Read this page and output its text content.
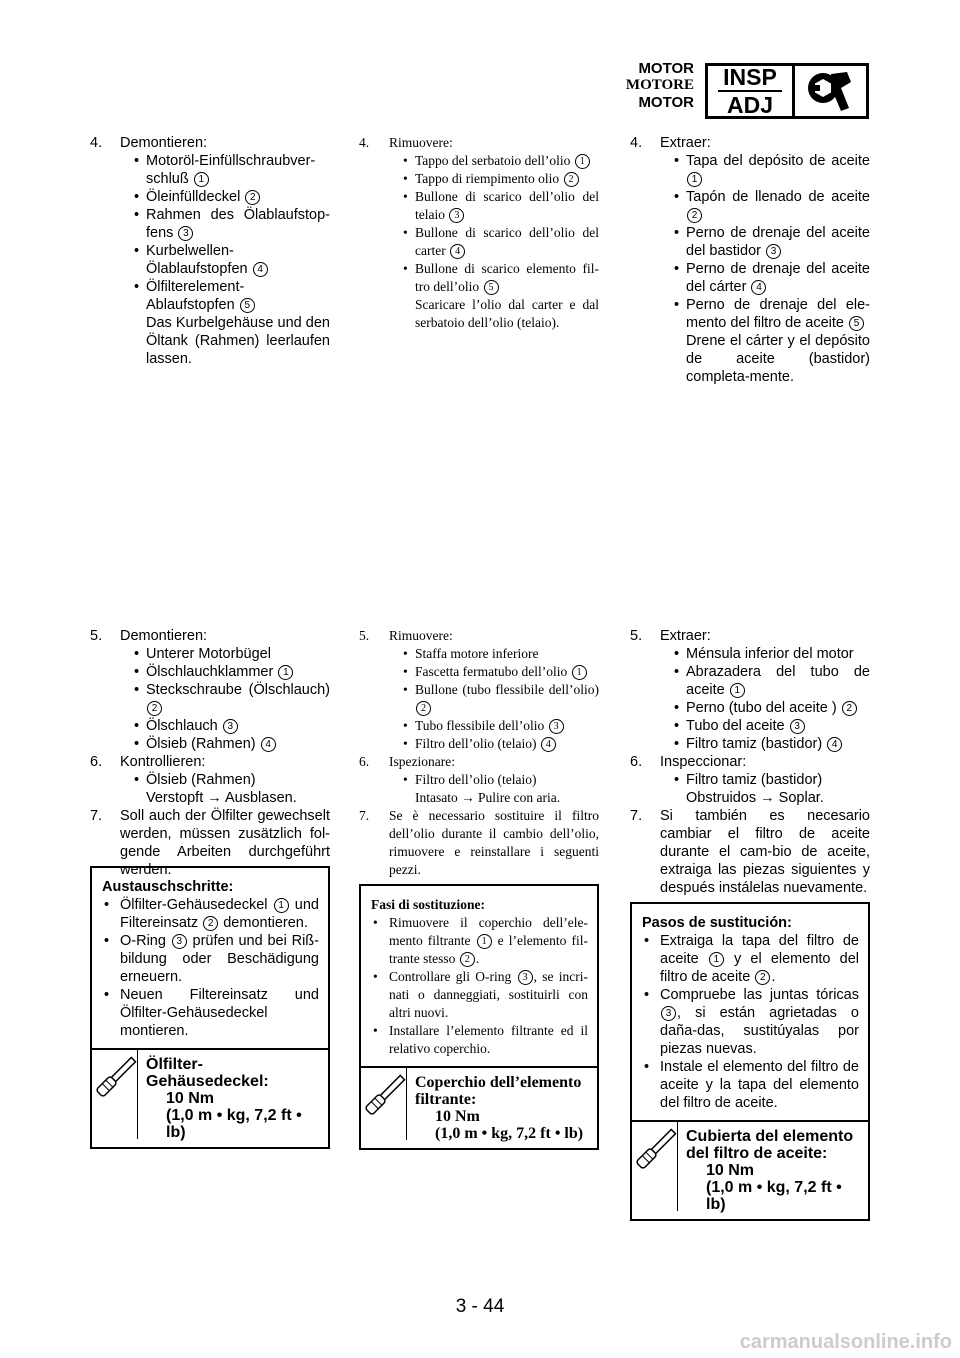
MOTOR
MOTORE
MOTOR
INSP
ADJ
4. Demontieren:
• Motoröl-Einfüllschraubver-schluß 1
• Öleinfülldeckel 2
• Rahmen des Ölablaufstop-fens 3
• Kurbelwellen-Ölablaufstopfen 4
• Ölfilterelement-Ablaufstopfen 5
Das Kurbelgehäuse und den Öltank (Rahmen) leerlaufen lassen.
4. Rimuovere:
• Tappo del serbatoio dell’olio 1
• Tappo di riempimento olio 2
• Bullone di scarico dell’olio del telaio 3
• Bullone di scarico dell’olio del carter 4
• Bullone di scarico elemento fil-tro dell’olio 5
Scaricare l’olio dal carter e dal serbatoio dell’olio (telaio).
4. Extraer:
• Tapa del depósito de aceite 1
• Tapón de llenado de aceite 2
• Perno de drenaje del aceite del bastidor 3
• Perno de drenaje del aceite del cárter 4
• Perno de drenaje del ele-mento del filtro de aceite 5
Drene el cárter y el depósito de aceite (bastidor) completa-mente.
5. Demontieren:
• Unterer Motorbügel
• Ölschlauchklammer 1
• Steckschraube (Ölschlauch) 2
• Ölschlauch 3
• Ölsieb (Rahmen) 4
6. Kontrollieren:
• Ölsieb (Rahmen)
Verstopft → Ausblasen.
7. Soll auch der Ölfilter gewechselt werden, müssen zusätzlich fol-gende Arbeiten durchgeführt werden.
5. Rimuovere:
• Staffa motore inferiore
• Fascetta fermatubo dell’olio 1
• Bullone (tubo flessibile dell’olio) 2
• Tubo flessibile dell’olio 3
• Filtro dell’olio (telaio) 4
6. Ispezionare:
• Filtro dell’olio (telaio)
Intasato → Pulire con aria.
7. Se è necessario sostituire il filtro dell’olio durante il cambio dell’olio, rimuovere e reinstallare i seguenti pezzi.
5. Extraer:
• Ménsula inferior del motor
• Abrazadera del tubo de aceite 1
• Perno (tubo del aceite ) 2
• Tubo del aceite 3
• Filtro tamiz (bastidor) 4
6. Inspeccionar:
• Filtro tamiz (bastidor)
Obstruidos → Soplar.
7. Si también es necesario cambiar el filtro de aceite durante el cam-bio de aceite, extraiga las piezas siguientes y después instálelas nuevamente.
Austauschschritte:
• Ölfilter-Gehäusedeckel 1 und Filtereinsatz 2 demontieren.
• O-Ring 3 prüfen und bei Riß-bildung oder Beschädigung erneuern.
• Neuen Filtereinsatz und Ölfilter-Gehäusedeckel montieren.
Ölfilter-Gehäusedeckel:
10 Nm
(1,0 m • kg, 7,2 ft • lb)
Fasi di sostituzione:
• Rimuovere il coperchio dell’ele-mento filtrante 1 e l’elemento fil-trante stesso 2 .
• Controllare gli O-ring 3 , se incri-nati o danneggiati, sostituirli con altri nuovi.
• Installare l’elemento filtrante ed il relativo coperchio.
Coperchio dell’elemento filtrante:
10 Nm
(1,0 m • kg, 7,2 ft • lb)
Pasos de sustitución:
• Extraiga la tapa del filtro de aceite 1 y el elemento del filtro de aceite 2 .
• Compruebe las juntas tóricas 3 , si están agrietadas o daña-das, sustitúyalas por piezas nuevas.
• Instale el elemento del filtro de aceite y la tapa del elemento del filtro de aceite.
Cubierta del elemento del filtro de aceite:
10 Nm
(1,0 m • kg, 7,2 ft • lb)
3 - 44
carmanualsonline.info
